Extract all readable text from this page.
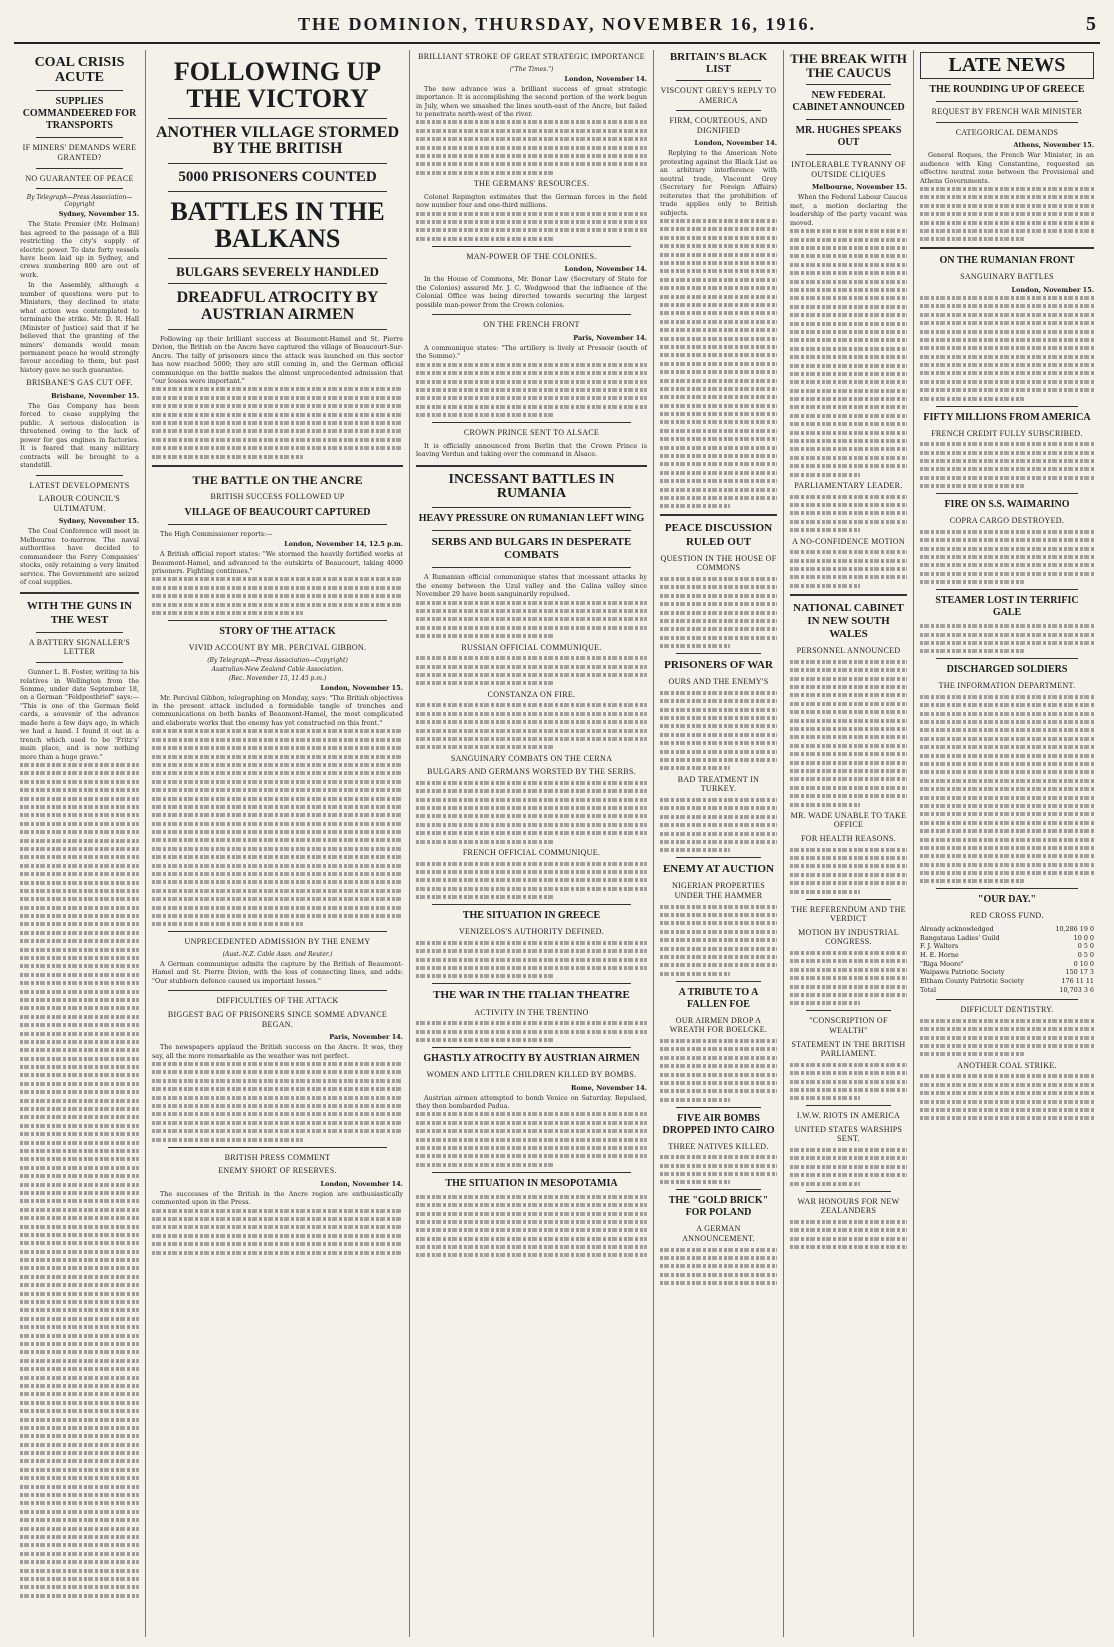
THE DOMINION, THURSDAY, NOVEMBER 16, 1916.	5
COAL CRISIS ACUTE
SUPPLIES COMMANDEERED FOR TRANSPORTS
IF MINERS' DEMANDS WERE GRANTED?
NO GUARANTEE OF PEACE
By Telegraph—Press Association—Copyright
Sydney, November 15.

The State Premier (Mr. Holman) has agreed to the passage of a Bill restricting the city's supply of electric power. To date forty vessels have been laid up in Sydney, and crews numbering 800 are out of work.

In the Assembly, although a number of questions were put to Ministers, they declined to state what action was contemplated to terminate the strike. Mr. D. R. Hall (Minister of Justice) said that if he believed that the granting of the miners' demands would mean permanent peace he would strongly favour acceding to them, but past history gave no such guarantee.

BRISBANE'S GAS CUT OFF.
Brisbane, November 15.

The Gas Company has been forced to cease supplying the public. A serious dislocation is threatened owing to the lack of power for gas engines in factories. It is feared that many military contracts will be brought to a standstill.

LATEST DEVELOPMENTS
LABOUR COUNCIL'S ULTIMATUM.
Sydney, November 15.

The Coal Conference will meet in Melbourne to-morrow. The naval authorities have decided to commandeer the Ferry Companies' stocks, only retaining a very limited service. The Government are seized of coal supplies.

WITH THE GUNS IN THE WEST
A BATTERY SIGNALLER'S LETTER

Gunner L. B. Foster, writing to his relatives in Wellington from the Somme, under date September 18, on a German "Feldpostbrief" says:— "This is one of the German field cards, a souvenir of the advance made here a few days ago, in which we had a hand. I found it out in a trench which used to be 'Fritz's' main place, and is now nothing more than a huge grave."

FOLLOWING UP THE VICTORY
ANOTHER VILLAGE STORMED BY THE BRITISH
5000 PRISONERS COUNTED
BATTLES IN THE BALKANS
BULGARS SEVERELY HANDLED
DREADFUL ATROCITY BY AUSTRIAN AIRMEN

Following up their brilliant success at Beaumont-Hamel and St. Pierre Divion, the British on the Ancre have captured the village of Beaucourt-Sur-Ancre. The tally of prisoners since the attack was launched on this sector has now reached 5000; they are still coming in, and the German official communique on the battle makes the almost unprecedented admission that "our losses were important."

THE BATTLE ON THE ANCRE
BRITISH SUCCESS FOLLOWED UP
VILLAGE OF BEAUCOURT CAPTURED

The High Commissioner reports:—

London, November 14, 12.5 p.m.

A British official report states: "We stormed the heavily fortified works at Beaumont-Hamel, and advanced to the outskirts of Beaucourt, taking 4000 prisoners. Fighting continues."

STORY OF THE ATTACK
VIVID ACCOUNT BY MR. PERCIVAL GIBBON.
(By Telegraph—Press Association—Copyright)
Australian-New Zealand Cable Association.
(Rec. November 15, 11.45 p.m.)
London, November 15.

Mr. Percival Gibbon, telegraphing on Monday, says: "The British objectives in the present attack included a formidable tangle of trenches and communications on both banks of Beaumont-Hamel, the most complicated and elaborate works that the enemy has yet constructed on this front."

UNPRECEDENTED ADMISSION BY THE ENEMY
(Aust.-N.Z. Cable Assn. and Reuter.)

A German communique admits the capture by the British of Beaumont-Hamel and St. Pierre Divion, with the loss of connecting lines, and adds: "Our stubborn defence caused us important losses."

DIFFICULTIES OF THE ATTACK
BIGGEST BAG OF PRISONERS SINCE SOMME ADVANCE BEGAN.
Paris, November 14.

The newspapers applaud the British success on the Ancre. It was, they say, all the more remarkable as the weather was not perfect.

BRITISH PRESS COMMENT
ENEMY SHORT OF RESERVES.
London, November 14.

The successes of the British in the Ancre region are enthusiastically commented upon in the Press.

BRILLIANT STROKE OF GREAT STRATEGIC IMPORTANCE
("The Times.")
London, November 14.

The new advance was a brilliant success of great strategic importance. It is accomplishing the second portion of the work begun in July, when we smashed the lines south-east of the Ancre, but failed to penetrate north-west of the river.

THE GERMANS' RESOURCES.

Colonel Repington estimates that the German forces in the field now number four and one-third millions.

MAN-POWER OF THE COLONIES.
London, November 14.

In the House of Commons, Mr. Bonar Law (Secretary of State for the Colonies) assured Mr. J. C. Wedgwood that the influence of the Colonial Office was being directed towards securing the largest possible man-power from the Crown colonies.

ON THE FRENCH FRONT
Paris, November 14.

A communique states: "The artillery is lively at Pressoir (south of the Somme)."

CROWN PRINCE SENT TO ALSACE

It is officially announced from Berlin that the Crown Prince is leaving Verdun and taking over the command in Alsace.

INCESSANT BATTLES IN RUMANIA
HEAVY PRESSURE ON RUMANIAN LEFT WING
SERBS AND BULGARS IN DESPERATE COMBATS

A Rumanian official communique states that incessant attacks by the enemy between the Uzul valley and the Calina valley since November 29 have been sanguinarily repulsed.

RUSSIAN OFFICIAL COMMUNIQUE.
CONSTANZA ON FIRE.
SANGUINARY COMBATS ON THE CERNA
BULGARS AND GERMANS WORSTED BY THE SERBS.
FRENCH OFFICIAL COMMUNIQUE.
THE SITUATION IN GREECE
VENIZELOS'S AUTHORITY DEFINED.
THE WAR IN THE ITALIAN THEATRE
ACTIVITY IN THE TRENTINO
GHASTLY ATROCITY BY AUSTRIAN AIRMEN
WOMEN AND LITTLE CHILDREN KILLED BY BOMBS.
Rome, November 14.

Austrian airmen attempted to bomb Venice on Saturday. Repulsed, they then bombarded Padua.

THE SITUATION IN MESOPOTAMIA
BRITAIN'S BLACK LIST
VISCOUNT GREY'S REPLY TO AMERICA
FIRM, COURTEOUS, AND DIGNIFIED
London, November 14.

Replying to the American Note protesting against the Black List as an arbitrary interference with neutral trade, Viscount Grey (Secretary for Foreign Affairs) reiterates that the prohibition of trade applies only to British subjects.

PEACE DISCUSSION RULED OUT
QUESTION IN THE HOUSE OF COMMONS
PRISONERS OF WAR
OURS AND THE ENEMY'S
BAD TREATMENT IN TURKEY.
ENEMY AT AUCTION
NIGERIAN PROPERTIES UNDER THE HAMMER
A TRIBUTE TO A FALLEN FOE
OUR AIRMEN DROP A WREATH FOR BOELCKE.
FIVE AIR BOMBS DROPPED INTO CAIRO
THREE NATIVES KILLED.
THE "GOLD BRICK" FOR POLAND
A GERMAN ANNOUNCEMENT.
THE BREAK WITH THE CAUCUS
NEW FEDERAL CABINET ANNOUNCED
MR. HUGHES SPEAKS OUT
INTOLERABLE TYRANNY OF OUTSIDE CLIQUES
Melbourne, November 15.

When the Federal Labour Caucus met, a motion declaring the leadership of the party vacant was moved.

PARLIAMENTARY LEADER.
A NO-CONFIDENCE MOTION
NATIONAL CABINET IN NEW SOUTH WALES
PERSONNEL ANNOUNCED
MR. WADE UNABLE TO TAKE OFFICE
FOR HEALTH REASONS.
THE REFERENDUM AND THE VERDICT
MOTION BY INDUSTRIAL CONGRESS.
"CONSCRIPTION OF WEALTH"
STATEMENT IN THE BRITISH PARLIAMENT.
I.W.W. RIOTS IN AMERICA
UNITED STATES WARSHIPS SENT.
WAR HONOURS FOR NEW ZEALANDERS
LATE NEWS
THE ROUNDING UP OF GREECE
REQUEST BY FRENCH WAR MINISTER
CATEGORICAL DEMANDS
Athens, November 15.

General Roques, the French War Minister, in an audience with King Constantine, requested an effective neutral zone between the Provisional and Athens Governments.

ON THE RUMANIAN FRONT
SANGUINARY BATTLES
London, November 15.
FIFTY MILLIONS FROM AMERICA
FRENCH CREDIT FULLY SUBSCRIBED.
FIRE ON S.S. WAIMARINO
COPRA CARGO DESTROYED.
STEAMER LOST IN TERRIFIC GALE
DISCHARGED SOLDIERS
THE INFORMATION DEPARTMENT.
"OUR DAY."
RED CROSS FUND.
Already acknowledged	10,286 19 0
Rangataua Ladies' Guild	10 0 0
F. J. Walters	0 5 0
H. E. Horne	0 5 0
"Riga Moore"	0 10 0
Waipawa Patriotic Society	150 17 3
Eltham County Patriotic Society	176 11 11
Total	10,703 3 6
DIFFICULT DENTISTRY.
ANOTHER COAL STRIKE.
